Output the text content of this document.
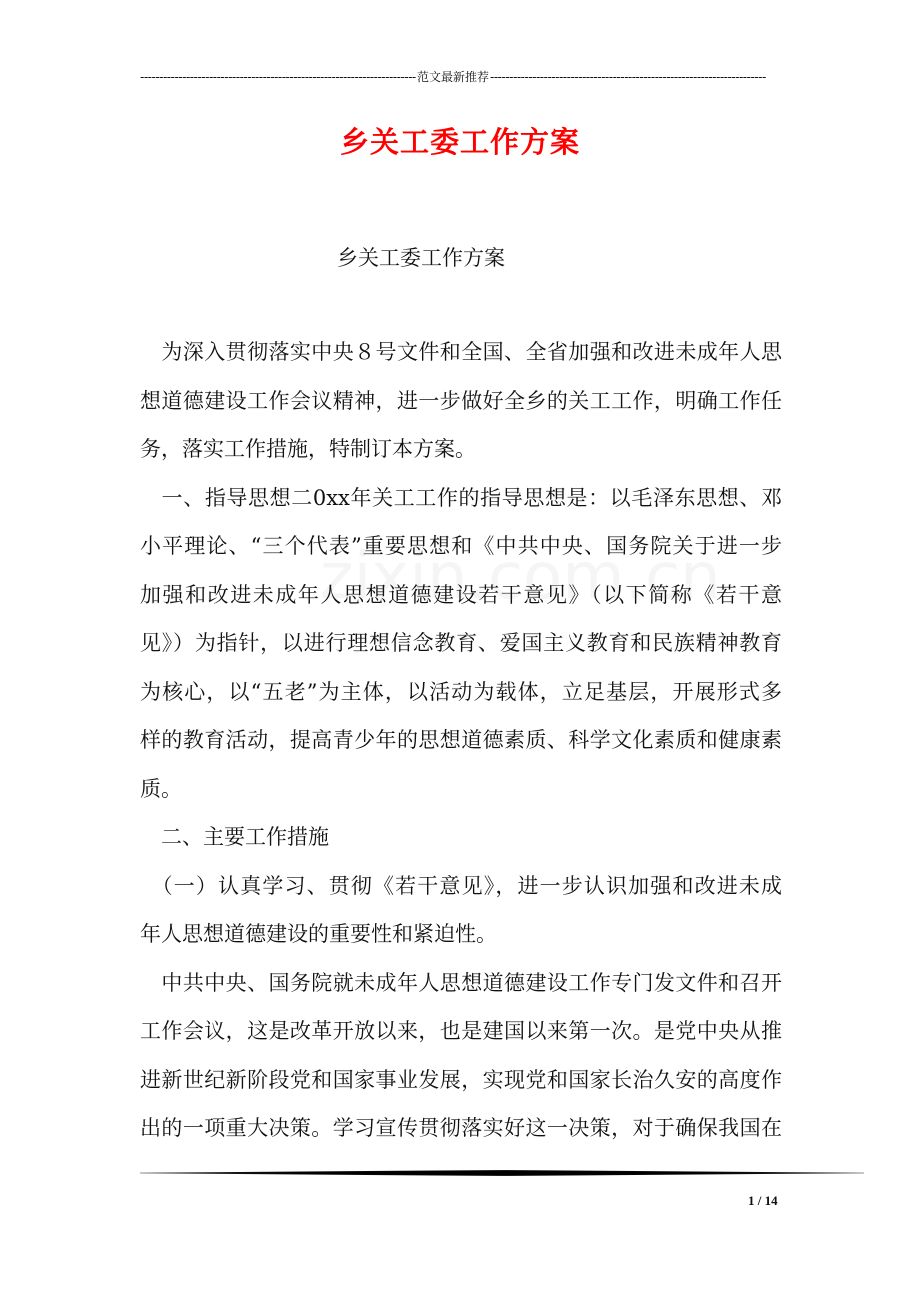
-----
范文最新推荐
-----
乡关工委工作方案
乡关工委工作方案
　为深入贯彻落实中央８号文件和全国、全省加强和改进未成年人思
想道德建设工作会议精神，进一步做好全乡的关工工作，明确工作任
务，落实工作措施，特制订本方案。
　一、指导思想二0xx年关工工作的指导思想是：以毛泽东思想、邓
小平理论、“三个代表”重要思想和《中共中央、国务院关于进一步
加强和改进未成年人思想道德建设若干意见》（以下简称《若干意
见》）为指针，以进行理想信念教育、爱国主义教育和民族精神教育
为核心，以“五老”为主体，以活动为载体，立足基层，开展形式多
样的教育活动，提高青少年的思想道德素质、科学文化素质和健康素
质。
　二、主要工作措施
　（一）认真学习、贯彻《若干意见》，进一步认识加强和改进未成
年人思想道德建设的重要性和紧迫性。
　中共中央、国务院就未成年人思想道德建设工作专门发文件和召开
工作会议，这是改革开放以来，也是建国以来第一次。是党中央从推
进新世纪新阶段党和国家事业发展，实现党和国家长治久安的高度作
出的一项重大决策。学习宣传贯彻落实好这一决策，对于确保我国在
1 / 14
